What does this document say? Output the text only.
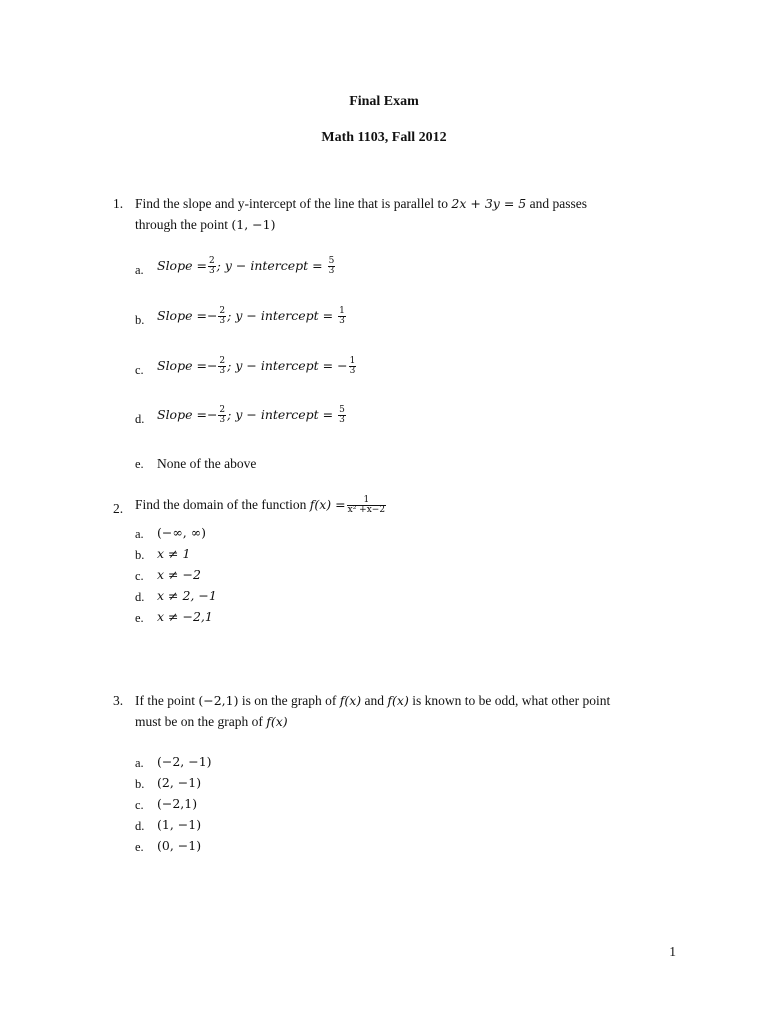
Final Exam
Math 1103, Fall 2012
1. Find the slope and y-intercept of the line that is parallel to 2x + 3y = 5 and passes
through the point (1, −1)
a. Slope = $\frac{2}{3}$ ; y − intercept = $\frac{5}{3}$
b. Slope =− $\frac{2}{3}$ ; y − intercept = $\frac{1}{3}$
c. Slope =− $\frac{2}{3}$ ; y − intercept = − $\frac{1}{3}$
d. Slope =− $\frac{2}{3}$ ; y − intercept = $\frac{5}{3}$
e. None of the above
2. Find the domain of the function $f(x) = \frac{1}{\text{x² +x−2}}$
a. (−∞, ∞)
b. x ≠ 1
c. x ≠ −2
d. x ≠ 2, −1
e. x ≠ −2,1
3. If the point (−2,1) is on the graph of f(x) and f(x) is known to be odd, what other point
must be on the graph of f(x)
a. (−2, −1)
b. (2, −1)
c. (−2,1)
d. (1, −1)
e. (0, −1)
1
